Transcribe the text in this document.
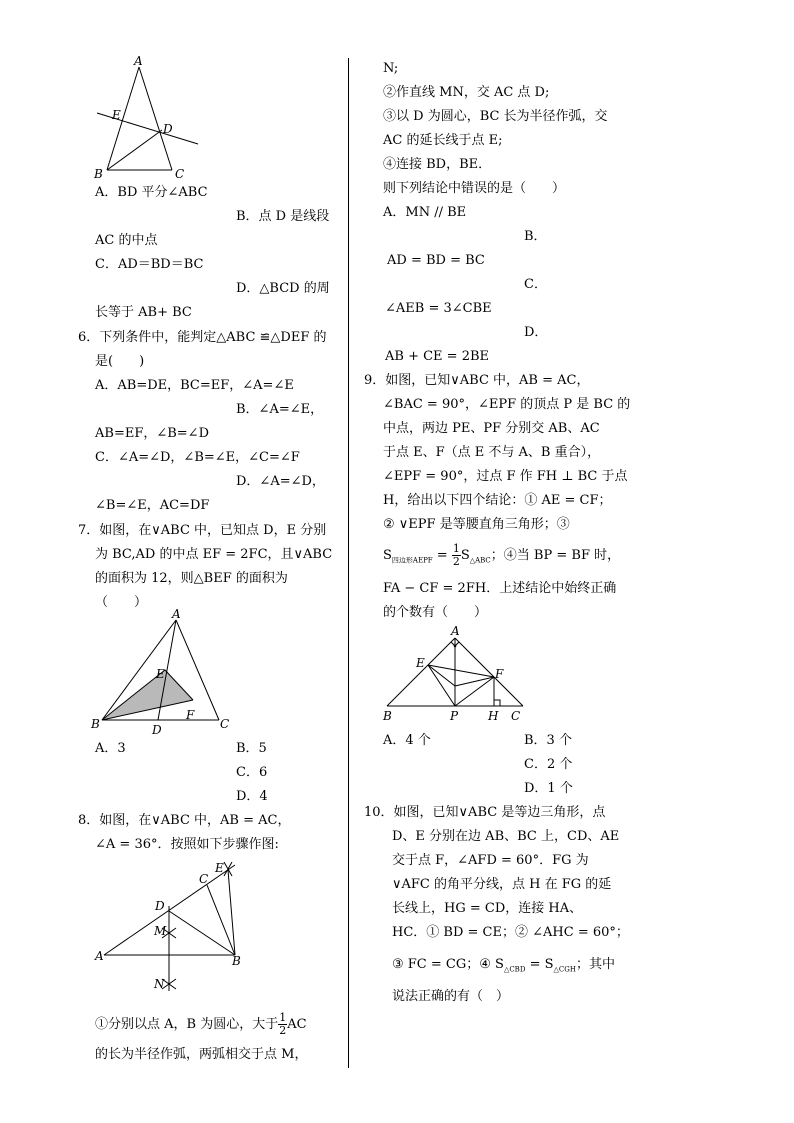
A
E
D
B	C
A．BD 平分∠ABC
B．点 D 是线段
AC 的中点
C．AD＝BD＝BC
D．△BCD 的周
长等于 AB+ BC
6．下列条件中，能判定△ABC ≌△DEF 的
是(　　)
A．AB=DE，BC=EF，∠A=∠E
B．∠A=∠E，
AB=EF，∠B=∠D
C．∠A=∠D，∠B=∠E，∠C=∠F
D．∠A=∠D，
∠B=∠E，AC=DF
7．如图，在∨ABC 中，已知点 D，E 分别
为 BC,AD 的中点 EF = 2FC，且∨ABC
的面积为 12，则△BEF 的面积为
（　　）
A
E
F
B	D	C
A．3	B．5
C．6
D．4
8．如图，在∨ABC 中，AB = AC，
∠A = 36°．按照如下步骤作图:
A	B
C
E
D
M
N
①分别以点 A，B 为圆心，大于 $\frac{1}{2}$ AC
的长为半径作弧，两弧相交于点 M，
N;
②作直线 MN，交 AC 点 D;
③以 D 为圆心，BC 长为半径作弧，交
AC 的延长线于点 E;
④连接 BD，BE．
则下列结论中错误的是（　　）
A．MN // BE
B．
AD = BD = BC
C．
∠AEB = 3∠CBE
D．
AB + CE = 2BE
9．如图，已知∨ABC 中，AB = AC，
∠BAC = 90°，∠EPF 的顶点 P 是 BC 的
中点，两边 PE、PF 分别交 AB、AC
于点 E、F（点 E 不与 A、B 重合），
∠EPF = 90°，过点 F 作 FH ⊥ BC 于点
H，给出以下四个结论：① AE = CF；
② ∨EPF 是等腰直角三角形；③
$S_{四边形AEPF} = \frac{1}{2} S_{\triangle ABC}$；④当 BP = BF 时，
FA − CF = 2FH．上述结论中始终正确
的个数有（　　）
A
E
F
B	P H C
A．4 个	B．3 个
C．2 个
D．1 个
10．如图，已知∨ABC 是等边三角形，点
D、E 分别在边 AB、BC 上，CD、AE
交于点 F，∠AFD = 60°．FG 为
∨AFC 的角平分线，点 H 在 FG 的延
长线上，HG = CD，连接 HA、
HC．① BD = CE；② ∠AHC = 60°；
③ FC = CG；④ $S_{\triangle CBD} = S_{\triangle CGH}$；其中
说法正确的有（　）
